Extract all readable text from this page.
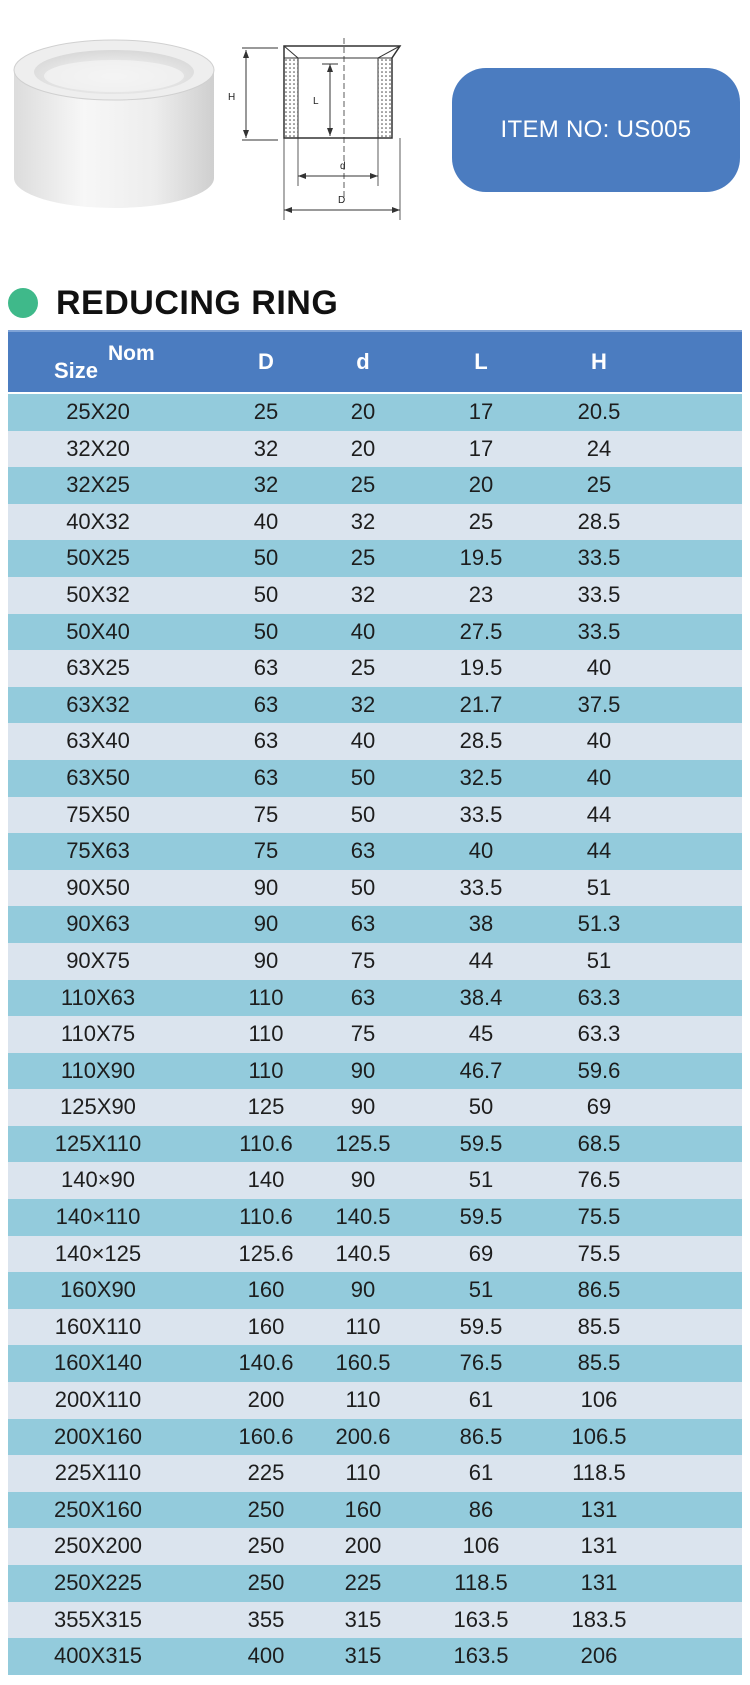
H	L
d
D
ITEM NO: US005
REDUCING RING
Size
Nom	D	d	L	H
25X20	25	20	17	20.5
32X20	32	20	17	24
32X25	32	25	20	25
40X32	40	32	25	28.5
50X25	50	25	19.5	33.5
50X32	50	32	23	33.5
50X40	50	40	27.5	33.5
63X25	63	25	19.5	40
63X32	63	32	21.7	37.5
63X40	63	40	28.5	40
63X50	63	50	32.5	40
75X50	75	50	33.5	44
75X63	75	63	40	44
90X50	90	50	33.5	51
90X63	90	63	38	51.3
90X75	90	75	44	51
110X63	110	63	38.4	63.3
110X75	110	75	45	63.3
110X90	110	90	46.7	59.6
125X90	125	90	50	69
125X110	110.6	125.5	59.5	68.5
140×90	140	90	51	76.5
140×110	110.6	140.5	59.5	75.5
140×125	125.6	140.5	69	75.5
160X90	160	90	51	86.5
160X110	160	110	59.5	85.5
160X140	140.6	160.5	76.5	85.5
200X110	200	110	61	106
200X160	160.6	200.6	86.5	106.5
225X110	225	110	61	118.5
250X160	250	160	86	131
250X200	250	200	106	131
250X225	250	225	118.5	131
355X315	355	315	163.5	183.5
400X315	400	315	163.5	206
